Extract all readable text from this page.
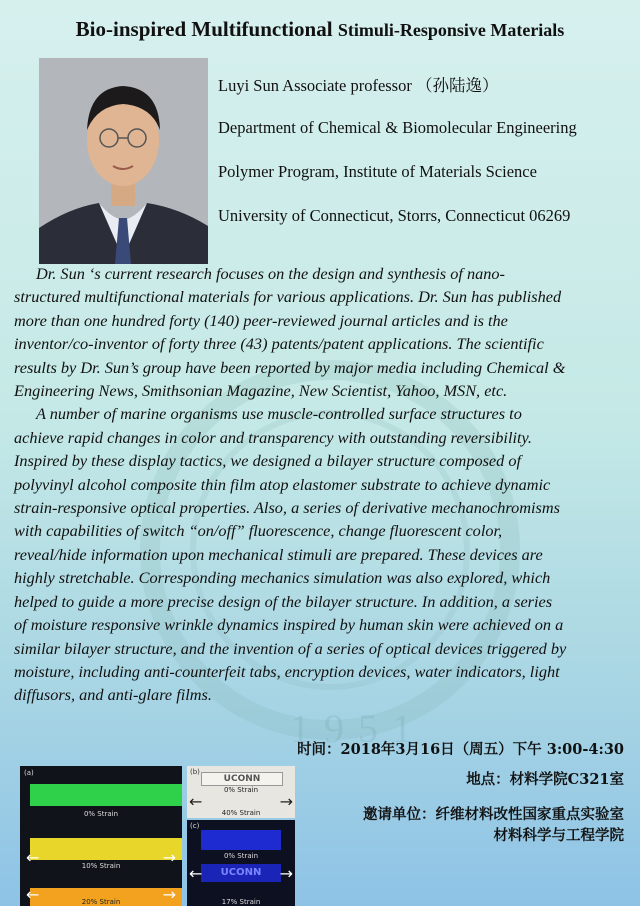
1951
Bio-inspired Multifunctional Stimuli-Responsive Materials
Luyi Sun Associate professor （孙陆逸）
Department of Chemical & Biomolecular Engineering
Polymer Program, Institute of Materials Science
University of Connecticut, Storrs, Connecticut 06269
Dr. Sun ‘s current research focuses on the design and synthesis of nano-
structured multifunctional materials for various applications. Dr. Sun has published
more than one hundred forty (140) peer-reviewed journal articles and is the
inventor/co-inventor of forty three (43) patents/patent applications. The scientific
results by Dr. Sun’s group have been reported by major media including Chemical &
Engineering News, Smithsonian Magazine, New Scientist, Yahoo, MSN, etc.
A number of marine organisms use muscle-controlled surface structures to
achieve rapid changes in color and transparency with outstanding reversibility.
Inspired by these display tactics, we designed a bilayer structure composed of
polyvinyl alcohol composite thin film atop elastomer substrate to achieve dynamic
strain-responsive optical properties. Also, a series of derivative mechanochromisms
with capabilities of switch “on/off” fluorescence, change fluorescent color,
reveal/hide information upon mechanical stimuli are prepared. These devices are
highly stretchable. Corresponding mechanics simulation was also explored, which
helped to guide a more precise design of the bilayer structure. In addition, a series
of moisture responsive wrinkle dynamics inspired by human skin were achieved on a
similar bilayer structure, and the invention of a series of optical devices triggered by
moisture, including anti-counterfeit tabs, encryption devices, water indicators, light
diffusors, and anti-glare films.
时间：2018年3月16日（周五）下午 3:00-4:30
地点：材料学院C321室
邀请单位：纤维材料改性国家重点实验室
材料科学与工程学院
(a)
0% Strain
←	→
10% Strain
←	→
20% Strain
(b)
UCONN
0% Strain
←	→
40% Strain
(c)
0% Strain
UCONN
←	→
17% Strain
